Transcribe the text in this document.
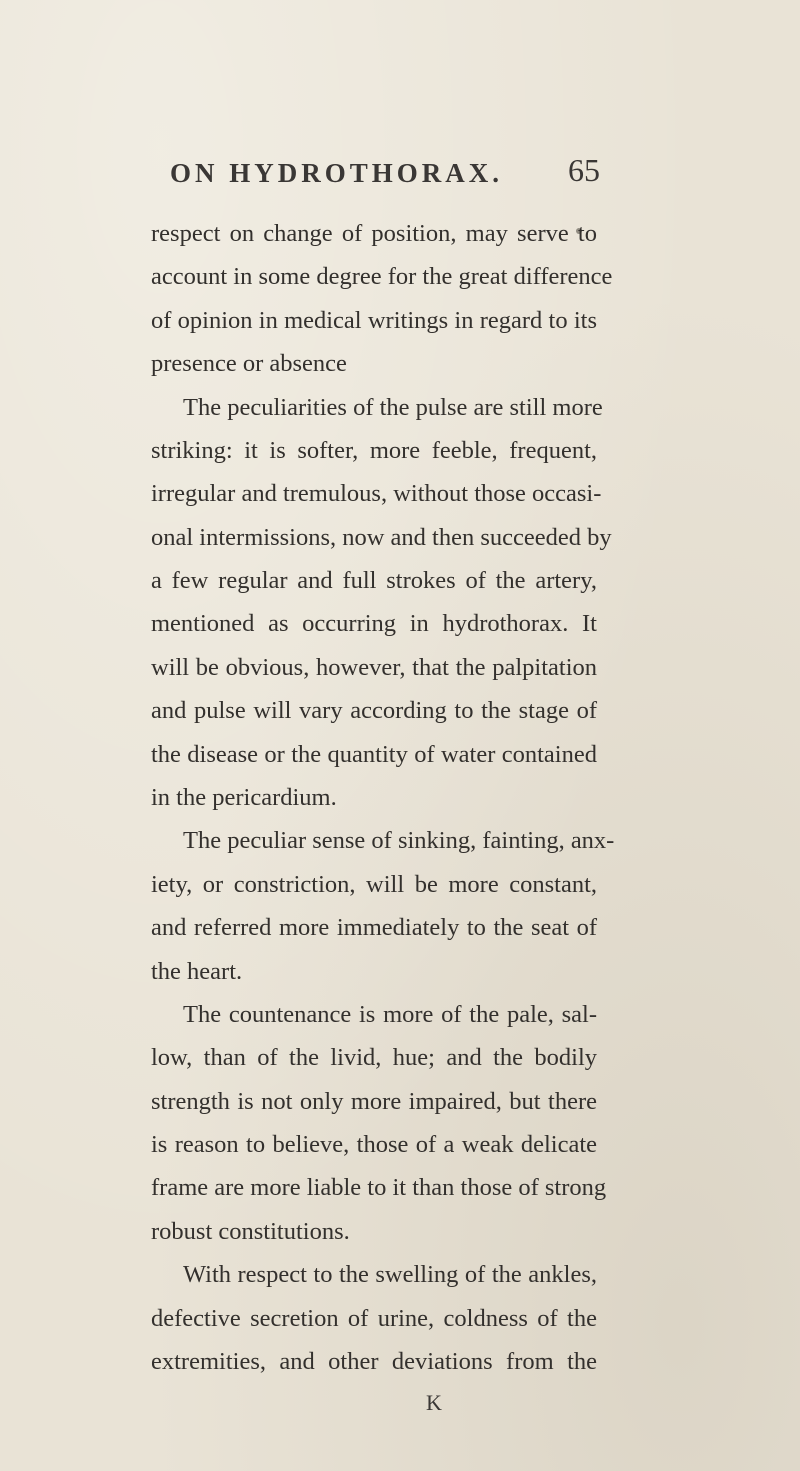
ON HYDROTHORAX. 65
respect on change of position, may serve to
account in some degree for the great difference
of opinion in medical writings in regard to its
presence or absence
The peculiarities of the pulse are still more
striking: it is softer, more feeble, frequent,
irregular and tremulous, without those occasi-
onal intermissions, now and then succeeded by
a few regular and full strokes of the artery,
mentioned as occurring in hydrothorax. It
will be obvious, however, that the palpitation
and pulse will vary according to the stage of
the disease or the quantity of water contained
in the pericardium.
The peculiar sense of sinking, fainting, anx-
iety, or constriction, will be more constant,
and referred more immediately to the seat of
the heart.
The countenance is more of the pale, sal-
low, than of the livid, hue; and the bodily
strength is not only more impaired, but there
is reason to believe, those of a weak delicate
frame are more liable to it than those of strong
robust constitutions.
With respect to the swelling of the ankles,
defective secretion of urine, coldness of the
extremities, and other deviations from the
K
